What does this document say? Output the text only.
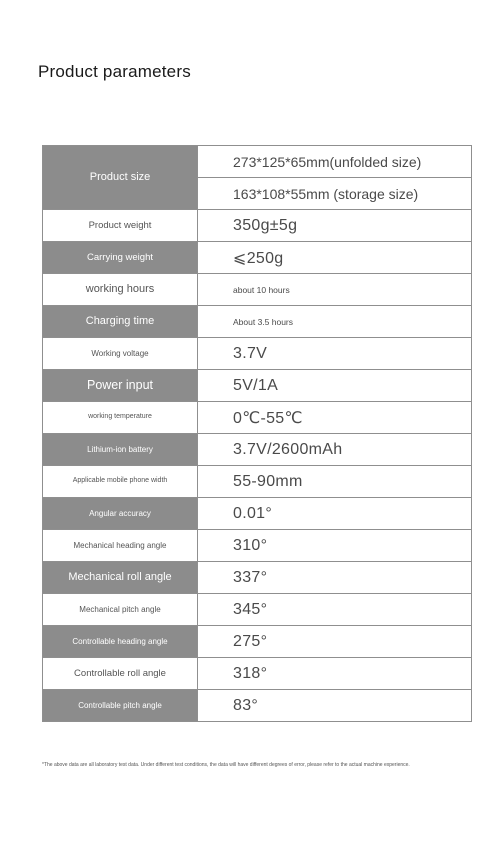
Product parameters
Product size	273*125*65mm(unfolded size)
	163*108*55mm (storage size)
Product weight	350g±5g
Carrying weight	⩽250g
working hours	about 10 hours
Charging time	About 3.5 hours
Working voltage	3.7V
Power input	5V/1A
working temperature	0℃-55℃
Lithium-ion battery	3.7V/2600mAh
Applicable mobile phone width	55-90mm
Angular accuracy	0.01°
Mechanical heading angle	310°
Mechanical roll angle	337°
Mechanical pitch angle	345°
Controllable heading angle	275°
Controllable roll angle	318°
Controllable pitch angle	83°
*The above data are all laboratory test data. Under different test conditions, the data will have different degrees of error, please refer to the actual machine experience.
